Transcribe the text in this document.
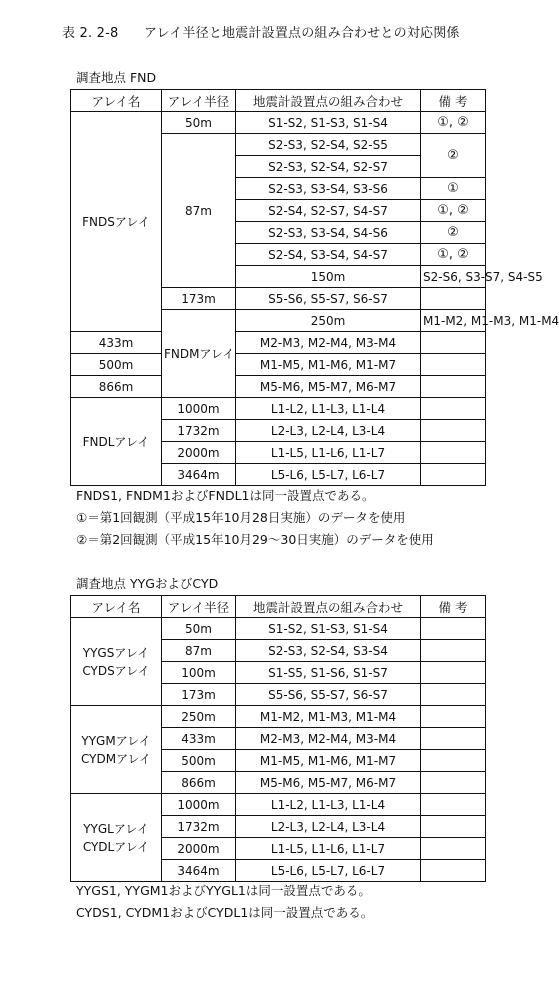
表 2. 2-8 アレイ半径と地震計設置点の組み合わせとの対応関係
調査地点 FND
アレイ名	アレイ半径	地震計設置点の組み合わせ	備 考	
FNDSアレイ	50m	S1-S2, S1-S3, S1-S4	①, ②	
	87m	S2-S3, S2-S4, S2-S5	②	
		S2-S3, S2-S4, S2-S7		
		S2-S3, S3-S4, S3-S6	①	
		S2-S4, S2-S7, S4-S7	①, ②	
		S2-S3, S3-S4, S4-S6	②	
		S2-S4, S3-S4, S4-S7	①, ②	
		150m	S2-S6, S3-S7, S4-S5	
	173m	S5-S6, S5-S7, S6-S7		
	FNDMアレイ	250m	M1-M2, M1-M3, M1-M4	
433m		M2-M3, M2-M4, M3-M4		
500m		M1-M5, M1-M6, M1-M7		
866m		M5-M6, M5-M7, M6-M7		
FNDLアレイ	1000m	L1-L2, L1-L3, L1-L4		
	1732m	L2-L3, L2-L4, L3-L4		
	2000m	L1-L5, L1-L6, L1-L7		
	3464m	L5-L6, L5-L7, L6-L7		
FNDS1, FNDM1およびFNDL1は同一設置点である。
①＝第1回観測（平成15年10月28日実施）のデータを使用
②＝第2回観測（平成15年10月29～30日実施）のデータを使用
調査地点 YYGおよびCYD
アレイ名	アレイ半径	地震計設置点の組み合わせ	備 考
YYGSアレイ
CYDSアレイ	50m	S1-S2, S1-S3, S1-S4	
	87m	S2-S3, S2-S4, S3-S4	
	100m	S1-S5, S1-S6, S1-S7	
	173m	S5-S6, S5-S7, S6-S7	
YYGMアレイ
CYDMアレイ	250m	M1-M2, M1-M3, M1-M4	
	433m	M2-M3, M2-M4, M3-M4	
	500m	M1-M5, M1-M6, M1-M7	
	866m	M5-M6, M5-M7, M6-M7	
YYGLアレイ
CYDLアレイ	1000m	L1-L2, L1-L3, L1-L4	
	1732m	L2-L3, L2-L4, L3-L4	
	2000m	L1-L5, L1-L6, L1-L7	
	3464m	L5-L6, L5-L7, L6-L7	
YYGS1, YYGM1およびYYGL1は同一設置点である。
CYDS1, CYDM1およびCYDL1は同一設置点である。
